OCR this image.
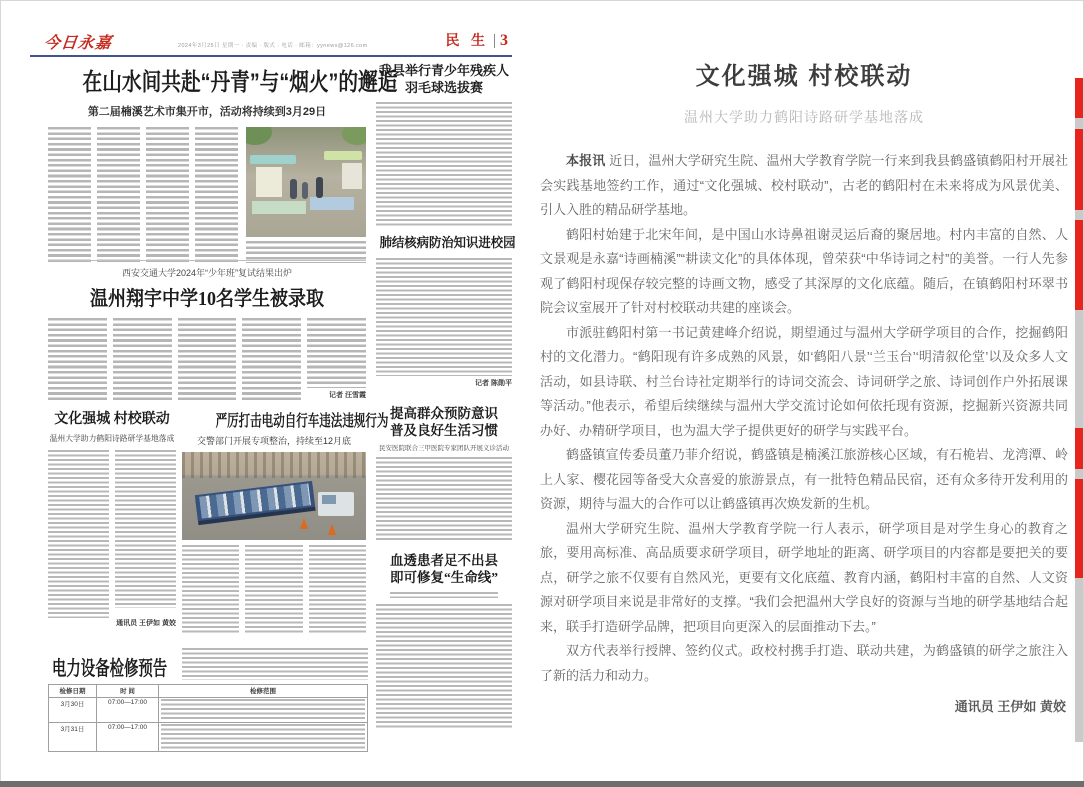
今日永嘉	2024年3月25日 星期一 · 责编 · 版式 · 电话 · 邮箱：yynews@126.com	民 生 3
在山水间共赴“丹青”与“烟火”的邂逅
第二届楠溪艺术市集开市，活动将持续到3月29日
西安交通大学2024年“少年班”复试结果出炉
温州翔宇中学10名学生被录取
记者 汪雪霞
我县举行青少年残疾人
羽毛球选拔赛
肺结核病防治知识进校园
记者 陈勋平
提高群众预防意识
普及良好生活习惯
民安医院联合三甲医院专家团队开展义诊活动
血透患者足不出县
即可修复“生命线”
文化强城 村校联动
温州大学助力鹤阳诗路研学基地落成
通讯员 王伊如 黄姣
严厉打击电动自行车违法违规行为
交警部门开展专项整治，持续至12月底
电力设备检修预告
检修日期	时 间	检修范围
3月30日	07:00—17:00	

3月31日	07:00—17:00	
文化强城 村校联动
温州大学助力鹤阳诗路研学基地落成

本报讯 近日，温州大学研究生院、温州大学教育学院一行来到我县鹤盛镇鹤阳村开展社会实践基地签约工作，通过“文化强城、校村联动”，古老的鹤阳村在未来将成为风景优美、引人入胜的精品研学基地。

鹤阳村始建于北宋年间，是中国山水诗鼻祖谢灵运后裔的聚居地。村内丰富的自然、人文景观是永嘉“诗画楠溪”“耕读文化”的具体体现，曾荣获“中华诗词之村”的美誉。一行人先参观了鹤阳村现保存较完整的诗画文物，感受了其深厚的文化底蕴。随后，在镇鹤阳村环翠书院会议室展开了针对村校联动共建的座谈会。

市派驻鹤阳村第一书记黄建峰介绍说，期望通过与温州大学研学项目的合作，挖掘鹤阳村的文化潜力。“鹤阳现有许多成熟的风景，如‘鹤阳八景’‘兰玉台’‘明清叙伦堂’以及众多人文活动，如县诗联、村兰台诗社定期举行的诗词交流会、诗词研学之旅、诗词创作户外拓展课等活动。”他表示，希望后续继续与温州大学交流讨论如何依托现有资源，挖掘新兴资源共同办好、办精研学项目，也为温大学子提供更好的研学与实践平台。

鹤盛镇宣传委员董乃菲介绍说，鹤盛镇是楠溪江旅游核心区域，有石桅岩、龙湾潭、岭上人家、樱花园等备受大众喜爱的旅游景点，有一批特色精品民宿，还有众多待开发利用的资源，期待与温大的合作可以让鹤盛镇再次焕发新的生机。

温州大学研究生院、温州大学教育学院一行人表示，研学项目是对学生身心的教育之旅，要用高标准、高品质要求研学项目，研学地址的距离、研学项目的内容都是要把关的要点，研学之旅不仅要有自然风光，更要有文化底蕴、教育内涵，鹤阳村丰富的自然、人文资源对研学项目来说是非常好的支撑。“我们会把温州大学良好的资源与当地的研学基地结合起来，联手打造研学品牌，把项目向更深入的层面推动下去。”

双方代表举行授牌、签约仪式。政校村携手打造、联动共建，为鹤盛镇的研学之旅注入了新的活力和动力。

通讯员 王伊如 黄姣
